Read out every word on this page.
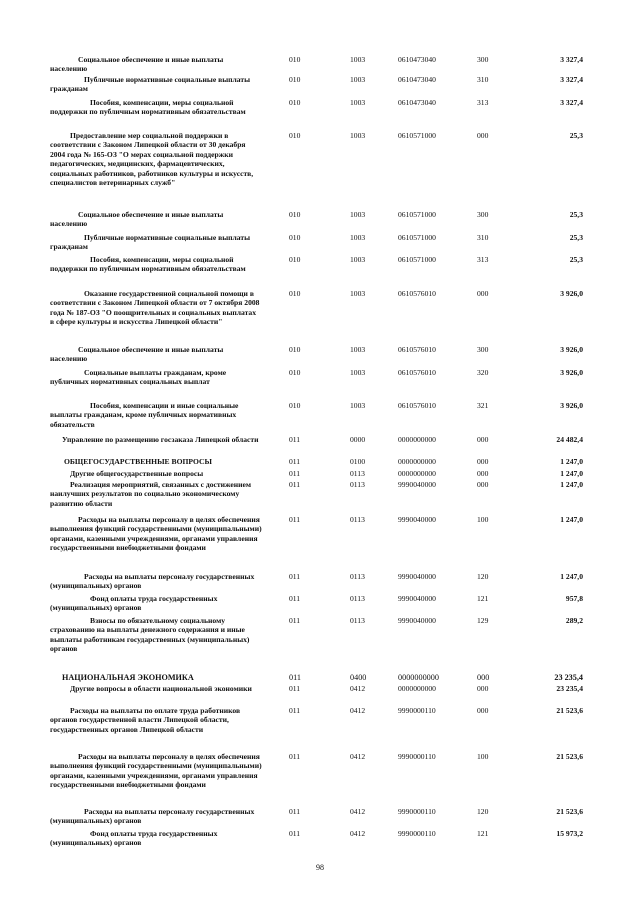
Социальное обеспечение и иные выплаты населению
010	1003	0610473040	300	3 327,4
Публичные нормативные социальные выплаты гражданам
010	1003	0610473040	310	3 327,4
Пособия, компенсации, меры социальной поддержки по публичным нормативным обязательствам
010	1003	0610473040	313	3 327,4
Предоставление мер социальной поддержки в соответствии с Законом Липецкой области от 30 декабря 2004 года № 165-ОЗ "О мерах социальной поддержки педагогических, медицинских, фармацевтических, социальных работников, работников культуры и искусств, специалистов ветеринарных служб"
010	1003	0610571000	000	25,3
Социальное обеспечение и иные выплаты населению
010	1003	0610571000	300	25,3
Публичные нормативные социальные выплаты гражданам
010	1003	0610571000	310	25,3
Пособия, компенсации, меры социальной поддержки по публичным нормативным обязательствам
010	1003	0610571000	313	25,3
Оказание государственной социальной помощи в соответствии с Законом Липецкой области от 7 октября 2008 года № 187-ОЗ "О поощрительных и социальных выплатах в сфере культуры и искусства Липецкой области"
010	1003	0610576010	000	3 926,0
Социальное обеспечение и иные выплаты населению
010	1003	0610576010	300	3 926,0
Социальные выплаты гражданам, кроме публичных нормативных социальных выплат
010	1003	0610576010	320	3 926,0
Пособия, компенсации и иные социальные выплаты гражданам, кроме публичных нормативных обязательств
010	1003	0610576010	321	3 926,0
Управление по размещению госзаказа Липецкой области	011	0000	0000000000	000	24 482,4
ОБЩЕГОСУДАРСТВЕННЫЕ ВОПРОСЫ	011	0100	0000000000	000	1 247,0
Другие общегосударственные вопросы	011	0113	0000000000	000	1 247,0
Реализация мероприятий, связанных с достижением наилучших результатов по социально экономическому развитию области
011	0113	9990040000	000	1 247,0
Расходы на выплаты персоналу в целях обеспечения выполнения функций государственными (муниципальными) органами, казенными учреждениями, органами управления государственными внебюджетными фондами
011	0113	9990040000	100	1 247,0
Расходы на выплаты персоналу государственных (муниципальных) органов
011	0113	9990040000	120	1 247,0
Фонд оплаты труда государственных (муниципальных) органов
011	0113	9990040000	121	957,8
Взносы по обязательному социальному страхованию на выплаты денежного содержания и иные выплаты работникам государственных (муниципальных) органов
011	0113	9990040000	129	289,2
НАЦИОНАЛЬНАЯ ЭКОНОМИКА	011	0400	0000000000	000	23 235,4
Другие вопросы в области национальной экономики	011	0412	0000000000	000	23 235,4
Расходы на выплаты по оплате труда работников органов государственной власти Липецкой области, государственных органов Липецкой области
011	0412	9990000110	000	21 523,6
Расходы на выплаты персоналу в целях обеспечения выполнения функций государственными (муниципальными) органами, казенными учреждениями, органами управления государственными внебюджетными фондами
011	0412	9990000110	100	21 523,6
Расходы на выплаты персоналу государственных (муниципальных) органов
011	0412	9990000110	120	21 523,6
Фонд оплаты труда государственных (муниципальных) органов
011	0412	9990000110	121	15 973,2
98
